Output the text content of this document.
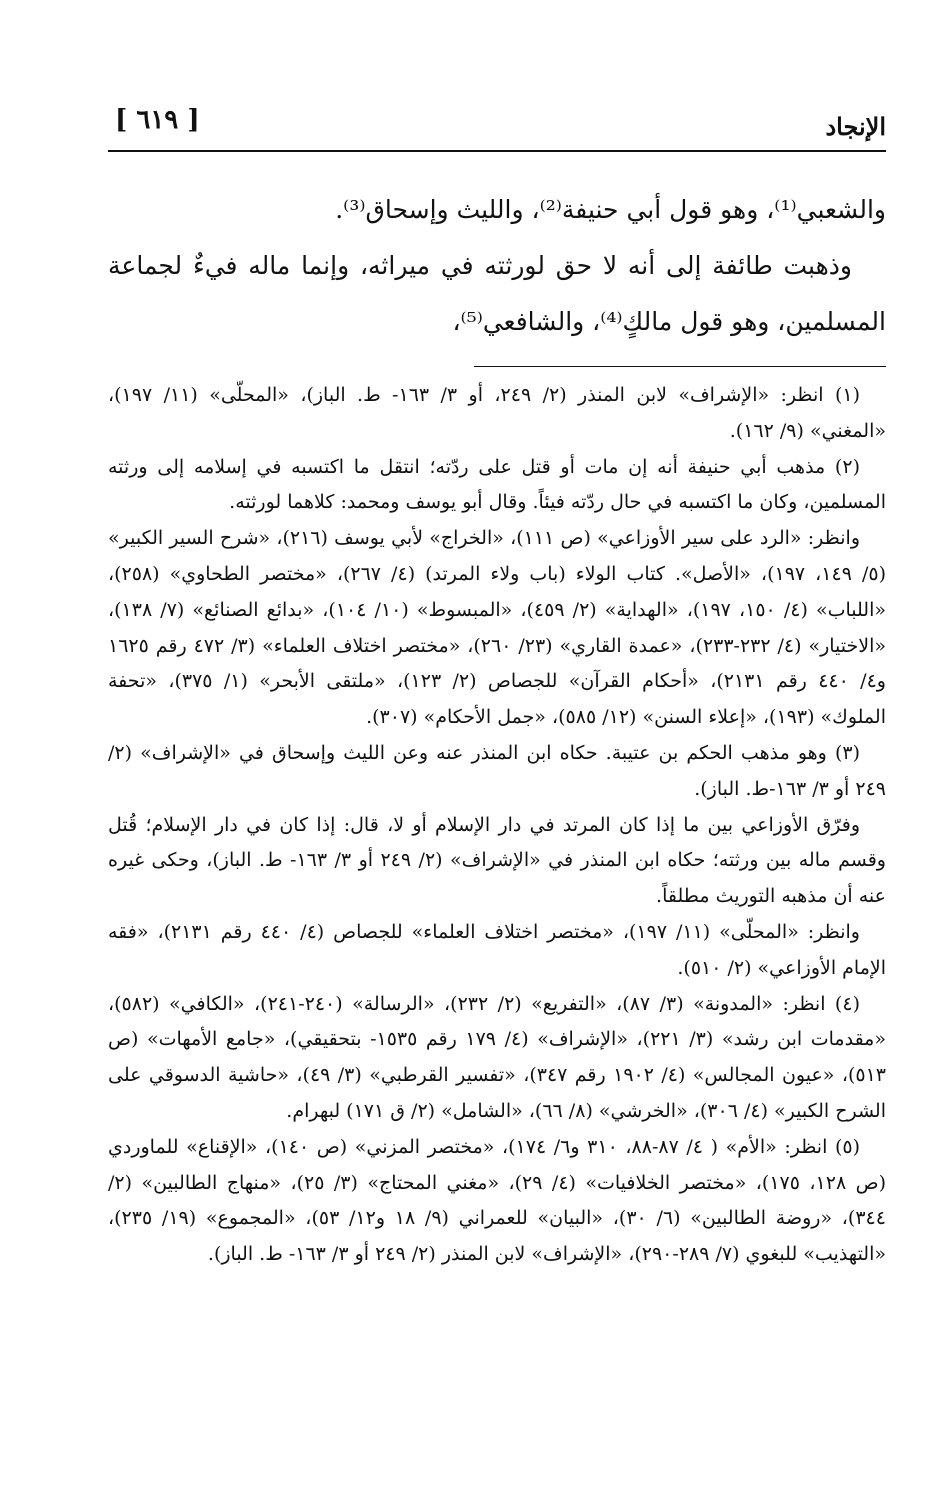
الإنجاد
[ ٦١٩ ]

والشعبي⁽¹⁾، وهو قول أبي حنيفة⁽²⁾، والليث وإسحاق⁽³⁾.

وذهبت طائفة إلى أنه لا حق لورثته في ميراثه، وإنما ماله فيءٌ لجماعة المسلمين، وهو قول مالكٍ⁽⁴⁾، والشافعي⁽⁵⁾،

(١) انظر: «الإشراف» لابن المنذر (٢/ ٢٤٩، أو ٣/ ١٦٣- ط. الباز)، «المحلّى» (١١/ ١٩٧)، «المغني» (٩/ ١٦٢).

(٢) مذهب أبي حنيفة أنه إن مات أو قتل على ردّته؛ انتقل ما اكتسبه في إسلامه إلى ورثته المسلمين، وكان ما اكتسبه في حال ردّته فيئاً. وقال أبو يوسف ومحمد: كلاهما لورثته.

وانظر: «الرد على سير الأوزاعي» (ص ١١١)، «الخراج» لأبي يوسف (٢١٦)، «شرح السير الكبير» (٥/ ١٤٩، ١٩٧)، «الأصل». كتاب الولاء (باب ولاء المرتد) (٤/ ٢٦٧)، «مختصر الطحاوي» (٢٥٨)، «اللباب» (٤/ ١٥٠، ١٩٧)، «الهداية» (٢/ ٤٥٩)، «المبسوط» (١٠/ ١٠٤)، «بدائع الصنائع» (٧/ ١٣٨)، «الاختيار» (٤/ ٢٣٢-٢٣٣)، «عمدة القاري» (٢٣/ ٢٦٠)، «مختصر اختلاف العلماء» (٣/ ٤٧٢ رقم ١٦٢٥ و٤/ ٤٤٠ رقم ٢١٣١)، «أحكام القرآن» للجصاص (٢/ ١٢٣)، «ملتقى الأبحر» (١/ ٣٧٥)، «تحفة الملوك» (١٩٣)، «إعلاء السنن» (١٢/ ٥٨٥)، «جمل الأحكام» (٣٠٧).

(٣) وهو مذهب الحكم بن عتيبة. حكاه ابن المنذر عنه وعن الليث وإسحاق في «الإشراف» (٢/ ٢٤٩ أو ٣/ ١٦٣-ط. الباز).

وفرّق الأوزاعي بين ما إذا كان المرتد في دار الإسلام أو لا، قال: إذا كان في دار الإسلام؛ قُتل وقسم ماله بين ورثته؛ حكاه ابن المنذر في «الإشراف» (٢/ ٢٤٩ أو ٣/ ١٦٣- ط. الباز)، وحكى غيره عنه أن مذهبه التوريث مطلقاً.

وانظر: «المحلّى» (١١/ ١٩٧)، «مختصر اختلاف العلماء» للجصاص (٤/ ٤٤٠ رقم ٢١٣١)، «فقه الإمام الأوزاعي» (٢/ ٥١٠).

(٤) انظر: «المدونة» (٣/ ٨٧)، «التفريع» (٢/ ٢٣٢)، «الرسالة» (٢٤٠-٢٤١)، «الكافي» (٥٨٢)، «مقدمات ابن رشد» (٣/ ٢٢١)، «الإشراف» (٤/ ١٧٩ رقم ١٥٣٥- بتحقيقي)، «جامع الأمهات» (ص ٥١٣)، «عيون المجالس» (٤/ ١٩٠٢ رقم ٣٤٧)، «تفسير القرطبي» (٣/ ٤٩)، «حاشية الدسوقي على الشرح الكبير» (٤/ ٣٠٦)، «الخرشي» (٨/ ٦٦)، «الشامل» (٢/ ق ١٧١) لبهرام.

(٥) انظر: «الأم» ( ٤/ ٨٧-٨٨، ٣١٠ و٦/ ١٧٤)، «مختصر المزني» (ص ١٤٠)، «الإقناع» للماوردي (ص ١٢٨، ١٧٥)، «مختصر الخلافيات» (٤/ ٢٩)، «مغني المحتاج» (٣/ ٢٥)، «منهاج الطالبين» (٢/ ٣٤٤)، «روضة الطالبين» (٦/ ٣٠)، «البيان» للعمراني (٩/ ١٨ و١٢/ ٥٣)، «المجموع» (١٩/ ٢٣٥)، «التهذيب» للبغوي (٧/ ٢٨٩-٢٩٠)، «الإشراف» لابن المنذر (٢/ ٢٤٩ أو ٣/ ١٦٣- ط. الباز).
